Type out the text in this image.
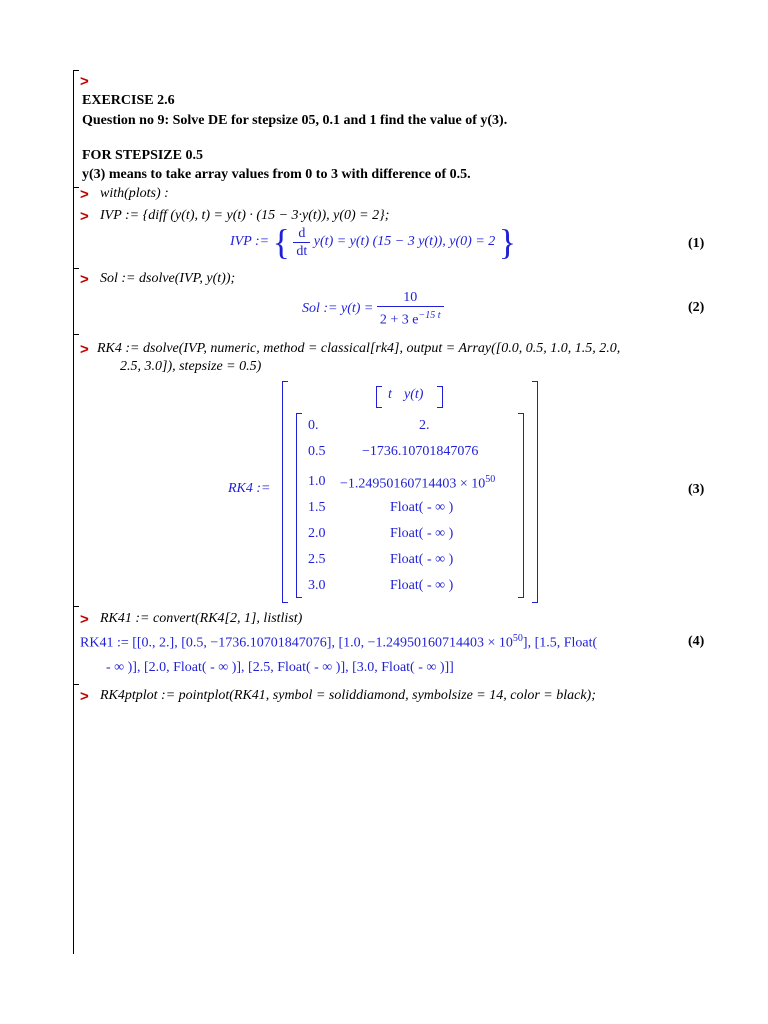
>
EXERCISE 2.6
Question no 9: Solve DE for stepsize 05, 0.1 and 1 find the value of y(3).
FOR STEPSIZE 0.5
y(3) means to take array values from 0 to 3 with difference of 0.5.
> with(plots) :
> IVP := {diff (y(t), t) = y(t) · (15 − 3·y(t)), y(0) = 2};
IVP := { $\frac{d}{dt} y(t) = y(t) (15 - 3$ y(t)), y(0) = 2 }	(1)
> Sol := dsolve(IVP, y(t));
Sol := $y(t) = \frac{10}{2 + 3 e^{-15 t}}$	(2)
> RK4 := dsolve(IVP, numeric, method = classical[rk4], output = Array([0.0, 0.5, 1.0, 1.5, 2.0,
2.5, 3.0]), stepsize = 0.5)
RK4 :=
t y(t)
0.	2.
0.5	−1736.10701847076
$1.0 -1.24950160714403 \times 10^{50}$
1.5	Float( - ∞ )
2.0	Float( - ∞ )
2.5	Float( - ∞ )
3.0	Float( - ∞ )
(3)
> RK41 := convert(RK4[2, 1], listlist)
RK41 := [[0., 2.], [0.5, −1736.10701847076], [1.0, $-1.24950160714403 \times 10^{50}$], [1.5, Float(
- ∞ )], [2.0, Float( - ∞ )], [2.5, Float( - ∞ )], [3.0, Float( - ∞ )]]
(4)
> RK4ptplot := pointplot(RK41, symbol = soliddiamond, symbolsize = 14, color = black);
